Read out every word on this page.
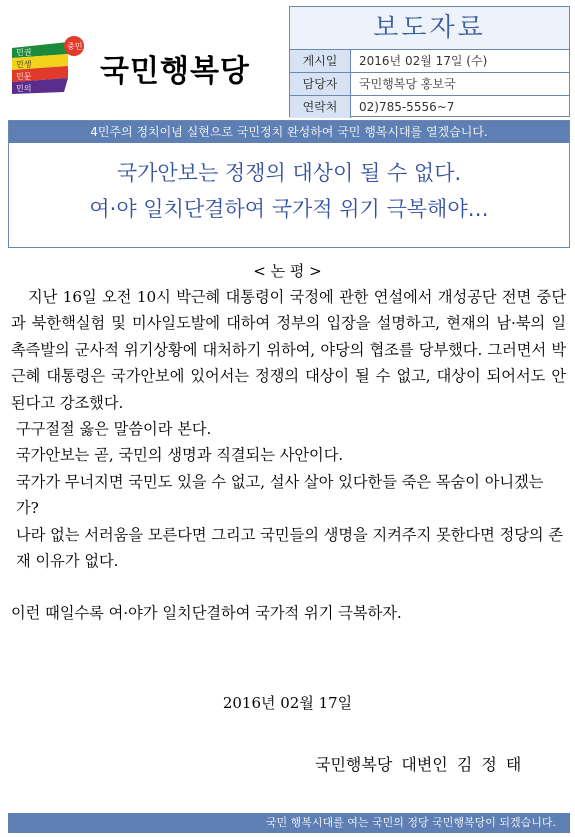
민권
민생
민문
민의
중민
국민행복당
보도자료
게시일	2016년 02월 17일 (수)
담당자	국민행복당 홍보국
연락처	02)785-5556~7
4민주의 정치이념 실현으로 국민정치 완성하여 국민 행복시대를 열겠습니다.
국가안보는 정쟁의 대상이 될 수 없다.
여·야 일치단결하여 국가적 위기 극복해야…
< 논 평 >

지난 16일 오전 10시 박근혜 대통령이 국정에 관한 연설에서 개성공단 전면 중단과 북한핵실험 및 미사일도발에 대하여 정부의 입장을 설명하고, 현재의 남·북의 일촉즉발의 군사적 위기상황에 대처하기 위하여, 야당의 협조를 당부했다. 그러면서 박근혜 대통령은 국가안보에 있어서는 정쟁의 대상이 될 수 없고, 대상이 되어서도 안 된다고 강조했다.

구구절절 옳은 말씀이라 본다.

국가안보는 곧, 국민의 생명과 직결되는 사안이다.

국가가 무너지면 국민도 있을 수 없고, 설사 살아 있다한들 죽은 목숨이 아니겠는가?

나라 없는 서러움을 모른다면 그리고 국민들의 생명을 지켜주지 못한다면 정당의 존재 이유가 없다.

이런 때일수록 여·야가 일치단결하여 국가적 위기 극복하자.

2016년 02월 17일
국민행복당 대변인 김 정 태
국민 행복시대를 여는 국민의 정당 국민행복당이 되겠습니다.
